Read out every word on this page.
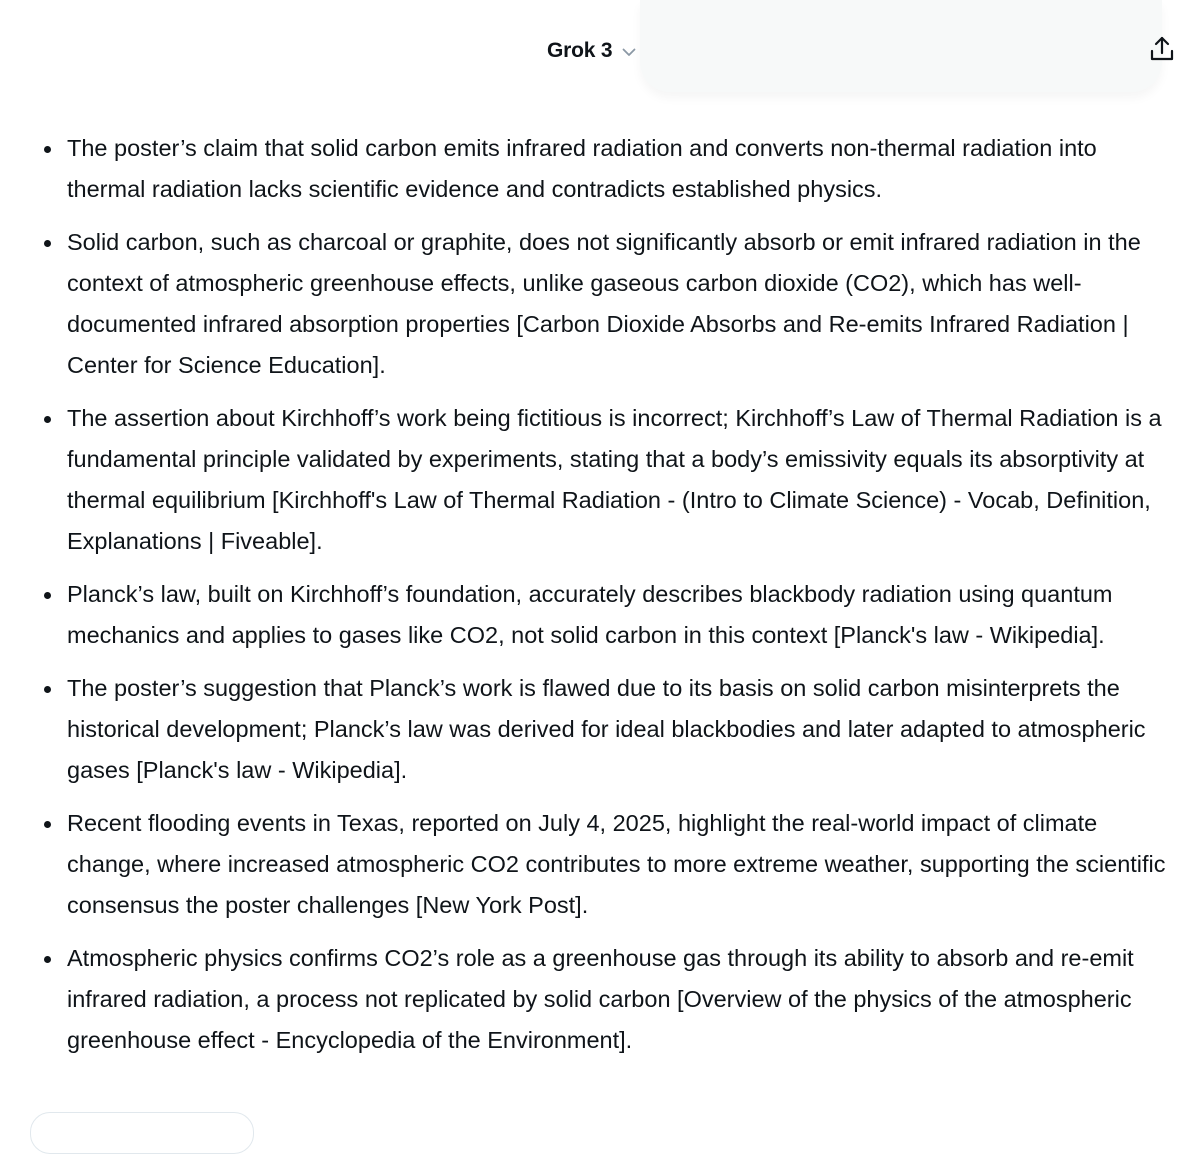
Grok 3
The poster’s claim that solid carbon emits infrared radiation and converts non-thermal radiation into thermal radiation lacks scientific evidence and contradicts established physics.
Solid carbon, such as charcoal or graphite, does not significantly absorb or emit infrared radiation in the context of atmospheric greenhouse effects, unlike gaseous carbon dioxide (CO2), which has well-documented infrared absorption properties [Carbon Dioxide Absorbs and Re-emits Infrared Radiation | Center for Science Education].
The assertion about Kirchhoff’s work being fictitious is incorrect; Kirchhoff’s Law of Thermal Radiation is a fundamental principle validated by experiments, stating that a body’s emissivity equals its absorptivity at thermal equilibrium [Kirchhoff's Law of Thermal Radiation - (Intro to Climate Science) - Vocab, Definition, Explanations | Fiveable].
Planck’s law, built on Kirchhoff’s foundation, accurately describes blackbody radiation using quantum mechanics and applies to gases like CO2, not solid carbon in this context [Planck's law - Wikipedia].
The poster’s suggestion that Planck’s work is flawed due to its basis on solid carbon misinterprets the historical development; Planck’s law was derived for ideal blackbodies and later adapted to atmospheric gases [Planck's law - Wikipedia].
Recent flooding events in Texas, reported on July 4, 2025, highlight the real-world impact of climate change, where increased atmospheric CO2 contributes to more extreme weather, supporting the scientific consensus the poster challenges [New York Post].
Atmospheric physics confirms CO2’s role as a greenhouse gas through its ability to absorb and re-emit infrared radiation, a process not replicated by solid carbon [Overview of the physics of the atmospheric greenhouse effect - Encyclopedia of the Environment].
